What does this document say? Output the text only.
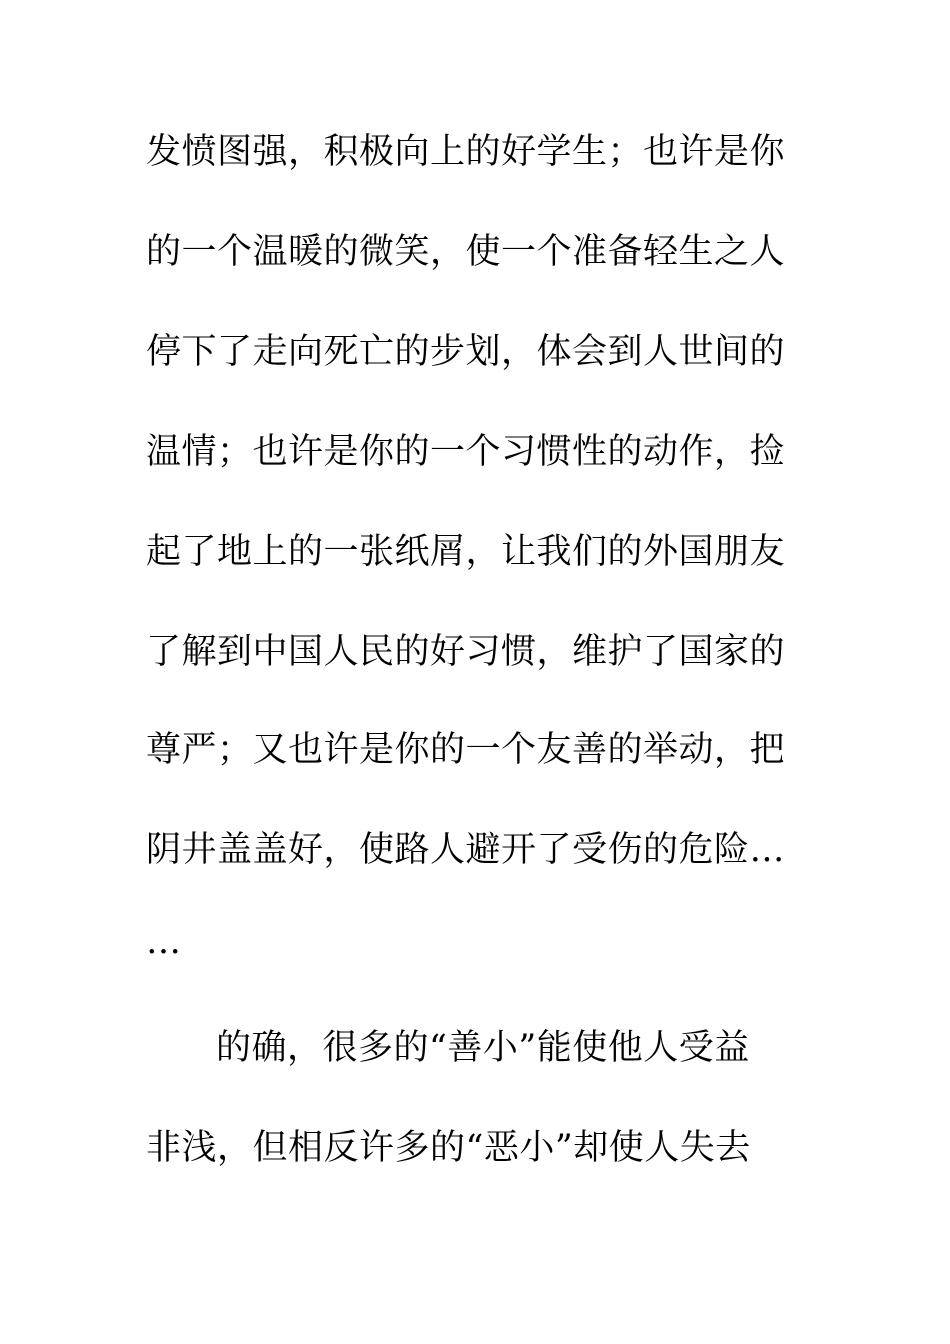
发愤图强，积极向上的好学生；也许是你
的一个温暖的微笑，使一个准备轻生之人
停下了走向死亡的步划，体会到人世间的
温情；也许是你的一个习惯性的动作，捡
起了地上的一张纸屑，让我们的外国朋友
了解到中国人民的好习惯，维护了国家的
尊严；又也许是你的一个友善的举动，把
阴井盖盖好，使路人避开了受伤的危险…
…
的确，很多的“善小”能使他人受益
非浅，但相反许多的“恶小”却使人失去
